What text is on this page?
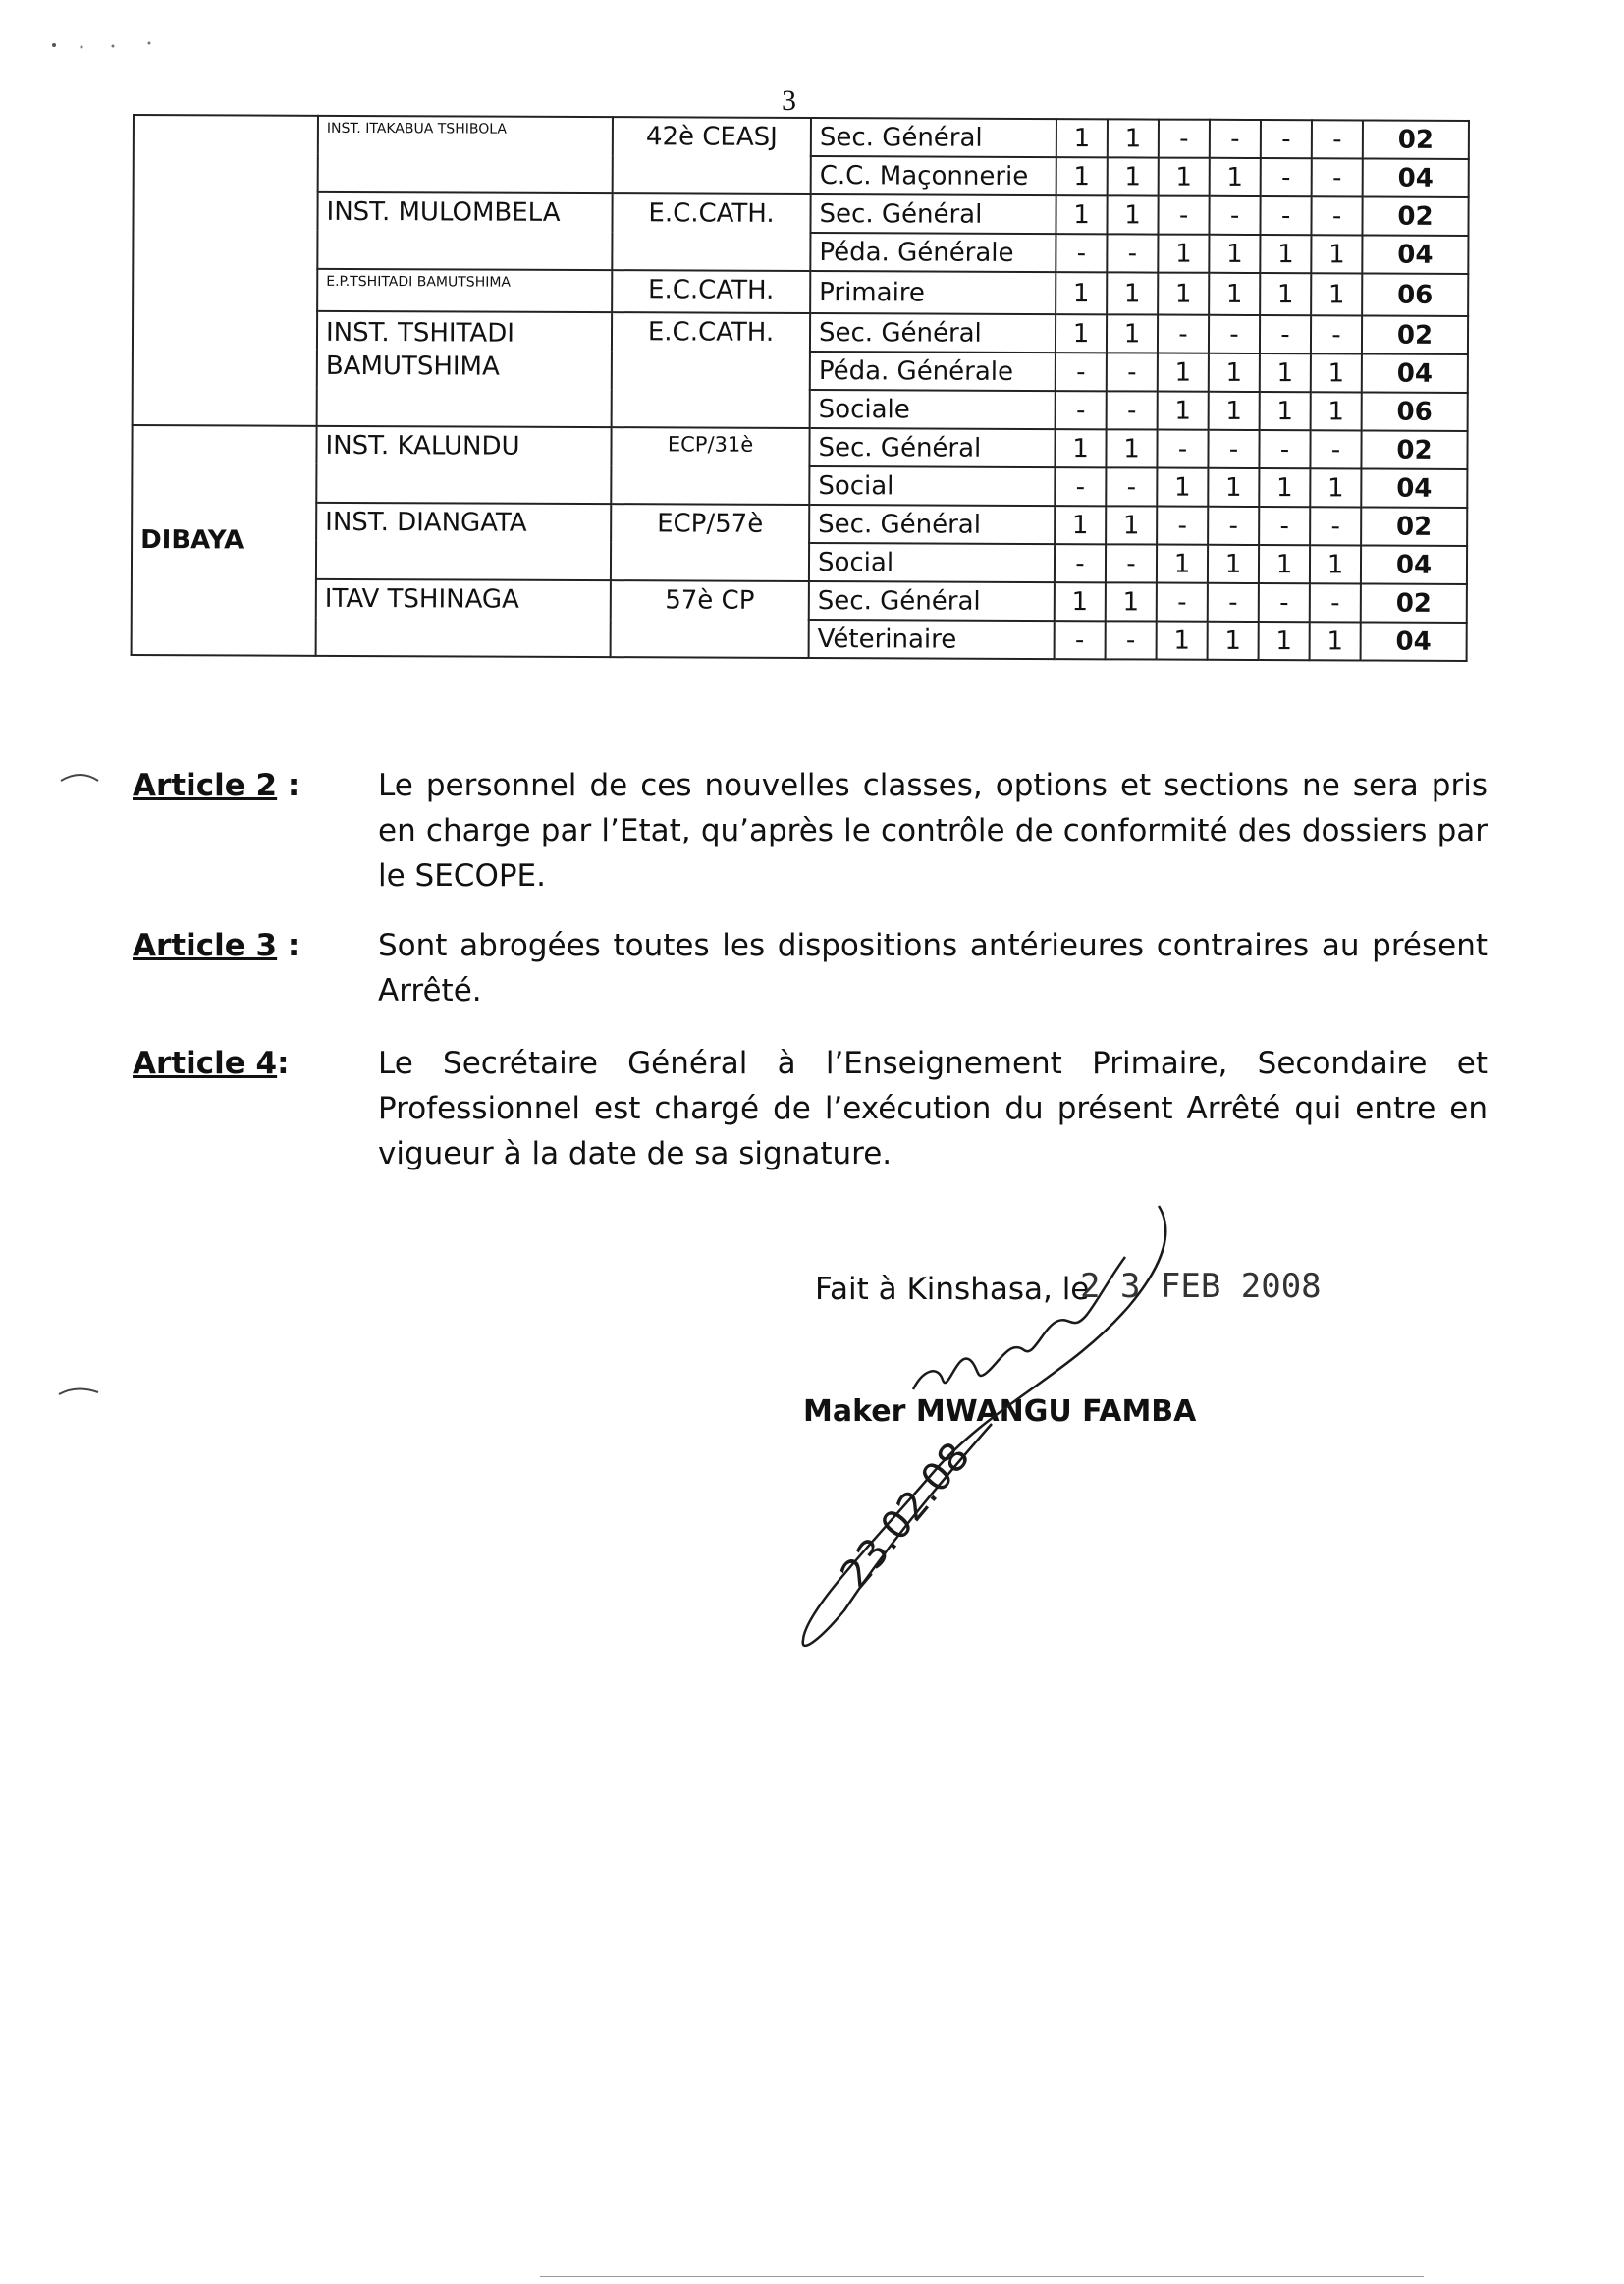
3
	INST. ITAKABUA TSHIBOLA	42è CEASJ	Sec. Général	1	1	-	-	-	-	02
			C.C. Maçonnerie	1	1	1	1	-	-	04
	INST. MULOMBELA	E.C.CATH.	Sec. Général	1	1	-	-	-	-	02
			Péda. Générale	-	-	1	1	1	1	04
	E.P.TSHITADI BAMUTSHIMA	E.C.CATH.	Primaire	1	1	1	1	1	1	06
	INST. TSHITADI BAMUTSHIMA	E.C.CATH.	Sec. Général	1	1	-	-	-	-	02
			Péda. Générale	-	-	1	1	1	1	04
			Sociale	-	-	1	1	1	1	06
DIBAYA	INST. KALUNDU	ECP/31è	Sec. Général	1	1	-	-	-	-	02
			Social	-	-	1	1	1	1	04
	INST. DIANGATA	ECP/57è	Sec. Général	1	1	-	-	-	-	02
			Social	-	-	1	1	1	1	04
	ITAV TSHINAGA	57è CP	Sec. Général	1	1	-	-	-	-	02
			Véterinaire	-	-	1	1	1	1	04
Article 2 :	Le personnel de ces nouvelles classes, options et sections ne sera pris en charge par l’Etat, qu’après le contrôle de conformité des dossiers par le SECOPE.
Article 3 :	Sont abrogées toutes les dispositions antérieures contraires au présent Arrêté.
Article 4:	Le Secrétaire Général à l’Enseignement Primaire, Secondaire et Professionnel est chargé de l’exécution du présent Arrêté qui entre en vigueur à la date de sa signature.
Fait à Kinshasa, le
2 3 FEB 2008
Maker MWANGU FAMBA
23.02.08
